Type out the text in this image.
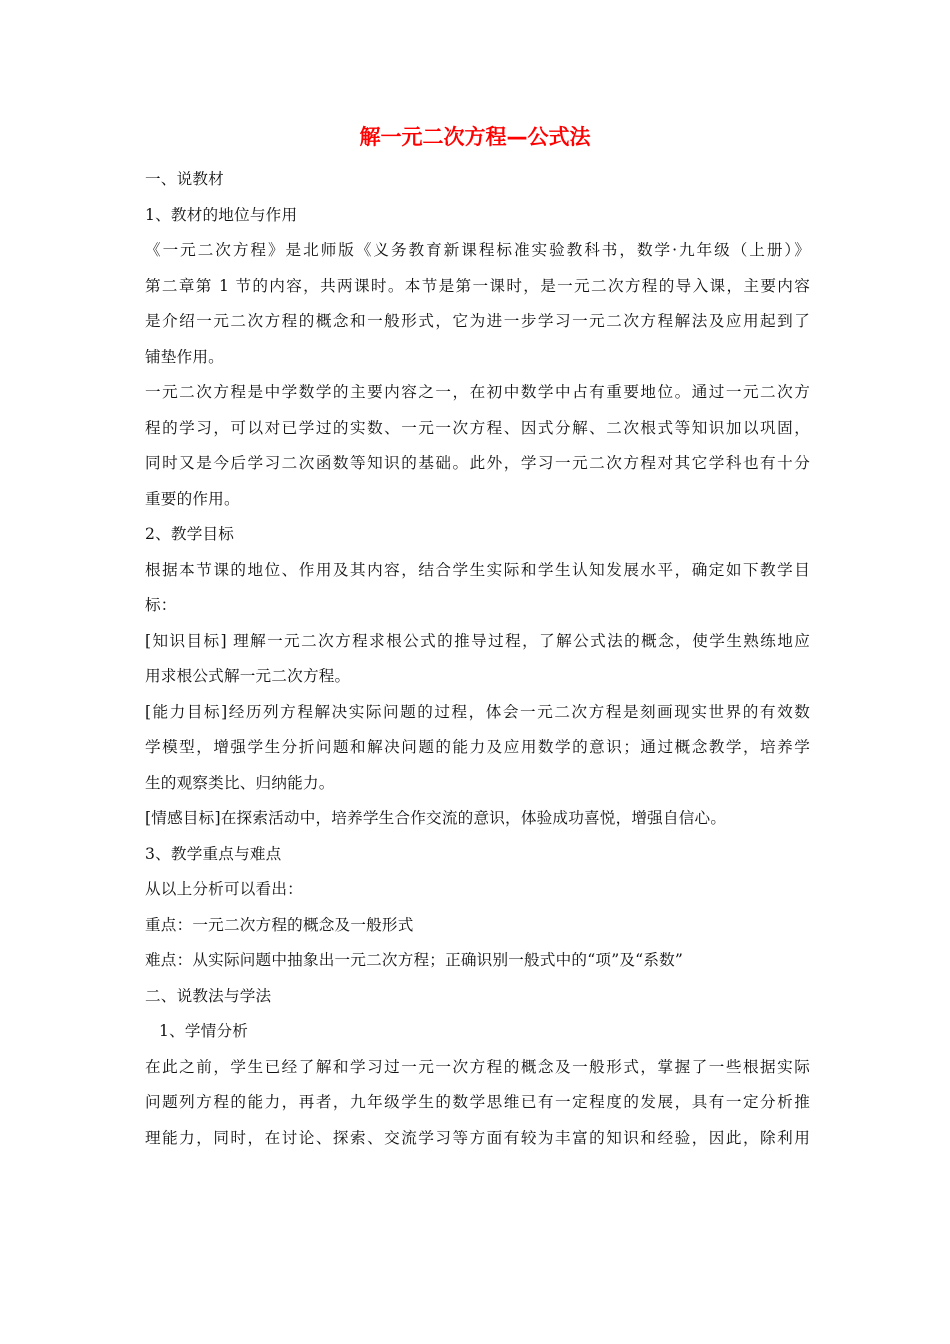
解一元二次方程—公式法
一、说教材
1、教材的地位与作用
《一元二次方程》是北师版《义务教育新课程标准实验教科书，数学·九年级（上册）》
第二章第 1 节的内容，共两课时。本节是第一课时，是一元二次方程的导入课，主要内容
是介绍一元二次方程的概念和一般形式，它为进一步学习一元二次方程解法及应用起到了
铺垫作用。
一元二次方程是中学数学的主要内容之一，在初中数学中占有重要地位。通过一元二次方
程的学习，可以对已学过的实数、一元一次方程、因式分解、二次根式等知识加以巩固，
同时又是今后学习二次函数等知识的基础。此外，学习一元二次方程对其它学科也有十分
重要的作用。
2、教学目标
根据本节课的地位、作用及其内容，结合学生实际和学生认知发展水平，确定如下教学目
标：
[知识目标] 理解一元二次方程求根公式的推导过程，了解公式法的概念，使学生熟练地应
用求根公式解一元二次方程。
[能力目标]经历列方程解决实际问题的过程，体会一元二次方程是刻画现实世界的有效数
学模型，增强学生分折问题和解决问题的能力及应用数学的意识；通过概念教学，培养学
生的观察类比、归纳能力。
[情感目标]在探索活动中，培养学生合作交流的意识，体验成功喜悦，增强自信心。
3、教学重点与难点
从以上分析可以看出：
重点：一元二次方程的概念及一般形式
难点：从实际问题中抽象出一元二次方程；正确识别一般式中的“项”及“系数”
二、说教法与学法
1、学情分析
在此之前，学生已经了解和学习过一元一次方程的概念及一般形式，掌握了一些根据实际
问题列方程的能力，再者，九年级学生的数学思维已有一定程度的发展，具有一定分析推
理能力，同时，在讨论、探索、交流学习等方面有较为丰富的知识和经验，因此，除利用
